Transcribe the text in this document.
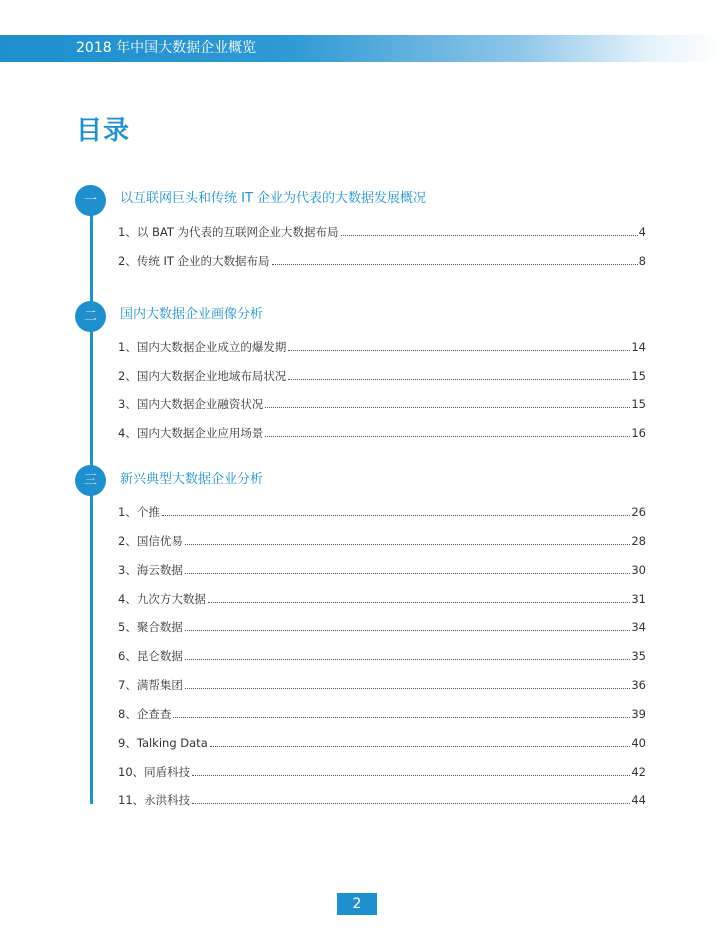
2018 年中国大数据企业概览
目录
一	以互联网巨头和传统 IT 企业为代表的大数据发展概况
1、以 BAT 为代表的互联网企业大数据布局	4
2、传统 IT 企业的大数据布局	8
二	国内大数据企业画像分析
1、国内大数据企业成立的爆发期	14
2、国内大数据企业地域布局状况	15
3、国内大数据企业融资状况	15
4、国内大数据企业应用场景	16
三	新兴典型大数据企业分析
1、个推	26
2、国信优易	28
3、海云数据	30
4、九次方大数据	31
5、聚合数据	34
6、昆仑数据	35
7、满帮集团	36
8、企查查	39
9、Talking Data	40
10、同盾科技	42
11、永洪科技	44
2
